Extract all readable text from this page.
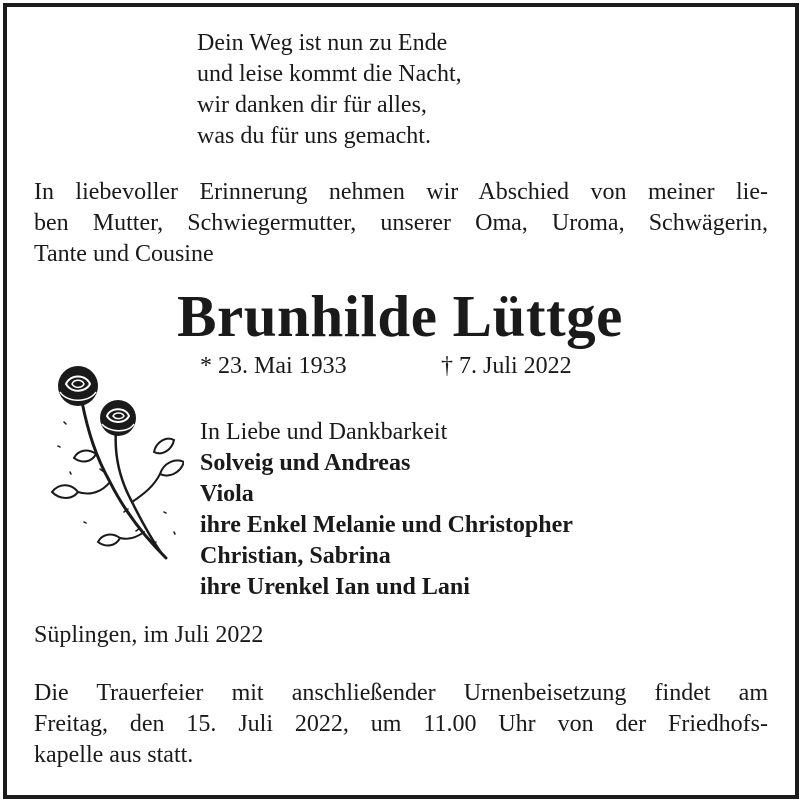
Dein Weg ist nun zu Ende
und leise kommt die Nacht,
wir danken dir für alles,
was du für uns gemacht.
In liebevoller Erinnerung nehmen wir Abschied von meiner lie-
ben Mutter, Schwiegermutter, unserer Oma, Uroma, Schwägerin,
Tante und Cousine
Brunhilde Lüttge
* 23. Mai 1933	† 7. Juli 2022
In Liebe und Dankbarkeit
Solveig und Andreas
Viola
ihre Enkel Melanie und Christopher
Christian, Sabrina
ihre Urenkel Ian und Lani
Süplingen, im Juli 2022
Die Trauerfeier mit anschließender Urnenbeisetzung findet am
Freitag, den 15. Juli 2022, um 11.00 Uhr von der Friedhofs-
kapelle aus statt.
